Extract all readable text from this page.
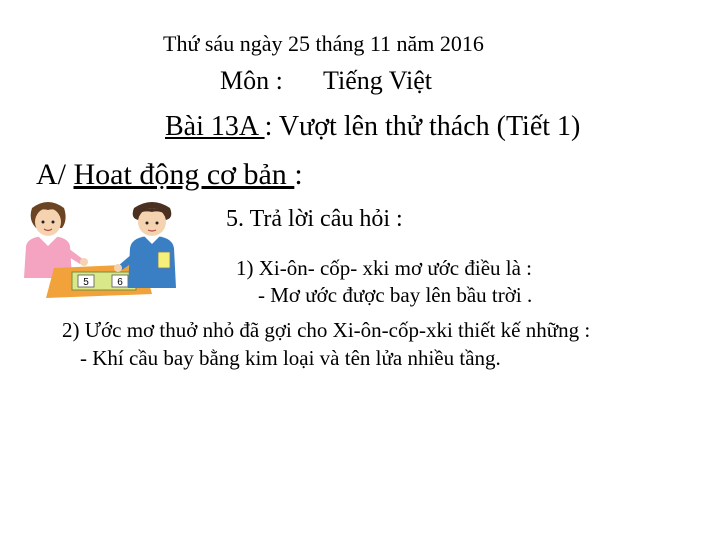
Thứ sáu ngày 25 tháng 11 năm 2016
Môn : Tiếng Việt
Bài 13A : Vượt lên thử thách (Tiết 1)
A/ Hoat động cơ bản :
5	6
5. Trả lời câu hỏi :
1) Xi-ôn- cốp- xki mơ ước điều là :
- Mơ ước được bay lên bầu trời .
2) Ước mơ thuở nhỏ đã gợi cho Xi-ôn-cốp-xki thiết kế những :
- Khí cầu bay bằng kim loại và tên lửa nhiều tầng.
